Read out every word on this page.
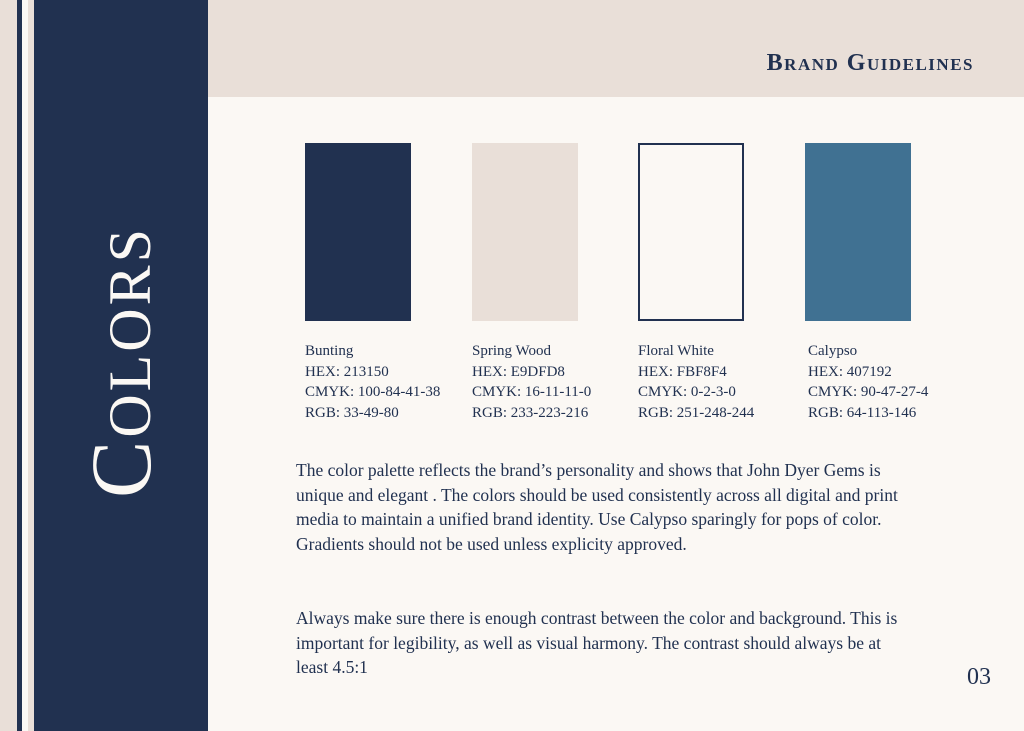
Brand Guidelines
Colors	Bunting
HEX: 213150
CMYK: 100-84-41-38
RGB: 33-49-80
Spring Wood
HEX: E9DFD8
CMYK: 16-11-11-0
RGB: 233-223-216
Floral White
HEX: FBF8F4
CMYK: 0-2-3-0
RGB: 251-248-244
Calypso
HEX: 407192
CMYK: 90-47-27-4
RGB: 64-113-146

The color palette reflects the brand’s personality and shows that John Dyer Gems is unique and elegant . The colors should be used consistently across all digital and print media to maintain a unified brand identity. Use Calypso sparingly for pops of color. Gradients should not be used unless explicity approved.

Always make sure there is enough contrast between the color and background. This is important for legibility, as well as visual harmony. The contrast should always be at least 4.5:1	03
